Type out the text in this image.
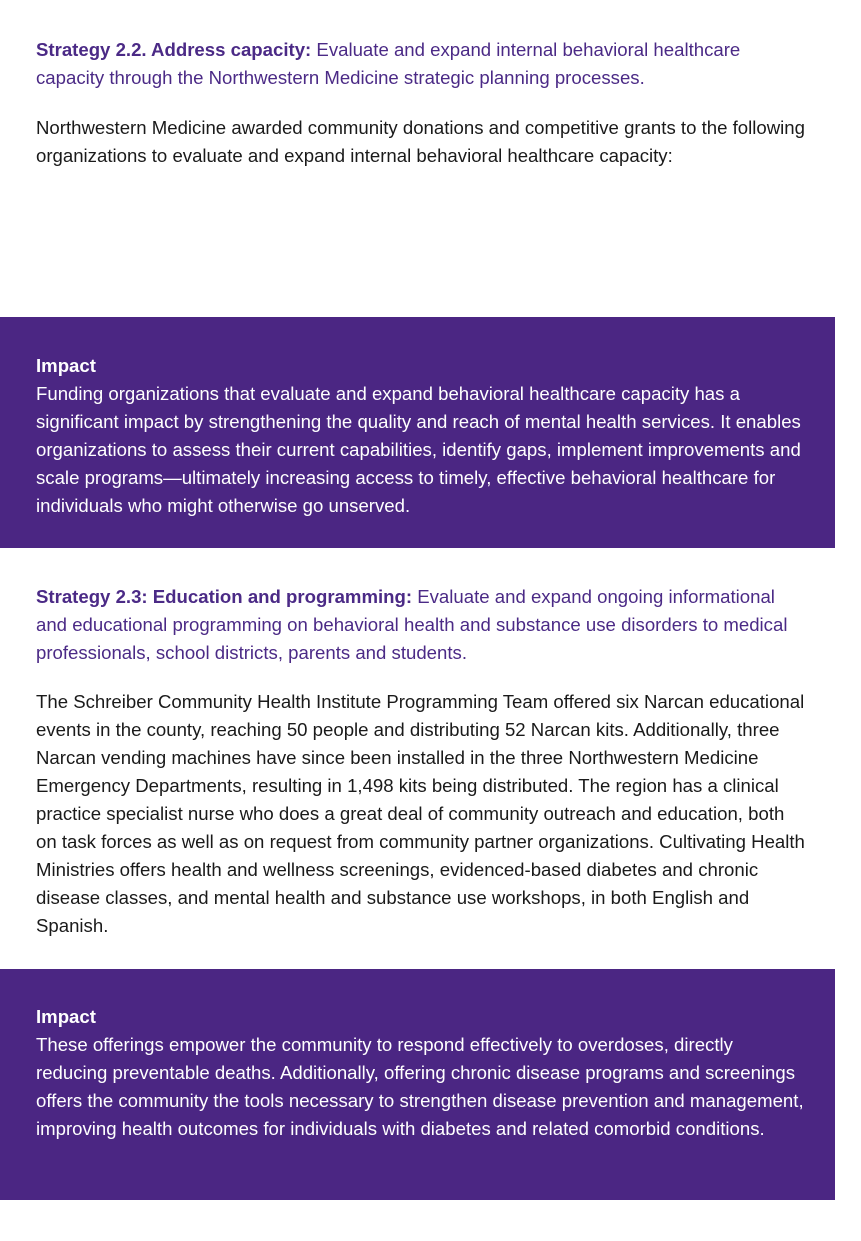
Strategy 2.2. Address capacity: Evaluate and expand internal behavioral healthcare capacity through the Northwestern Medicine strategic planning processes.

Northwestern Medicine awarded community donations and competitive grants to the following organizations to evaluate and expand internal behavioral healthcare capacity:

Impact

Funding organizations that evaluate and expand behavioral healthcare capacity has a significant impact by strengthening the quality and reach of mental health services. It enables organizations to assess their current capabilities, identify gaps, implement improvements and scale programs—ultimately increasing access to timely, effective behavioral healthcare for individuals who might otherwise go unserved.

Strategy 2.3: Education and programming: Evaluate and expand ongoing informational and educational programming on behavioral health and substance use disorders to medical professionals, school districts, parents and students.

The Schreiber Community Health Institute Programming Team offered six Narcan educational events in the county, reaching 50 people and distributing 52 Narcan kits. Additionally, three Narcan vending machines have since been installed in the three Northwestern Medicine Emergency Departments, resulting in 1,498 kits being distributed. The region has a clinical practice specialist nurse who does a great deal of community outreach and education, both on task forces as well as on request from community partner organizations. Cultivating Health Ministries offers health and wellness screenings, evidenced-based diabetes and chronic disease classes, and mental health and substance use workshops, in both English and Spanish.

Impact

These offerings empower the community to respond effectively to overdoses, directly reducing preventable deaths. Additionally, offering chronic disease programs and screenings offers the community the tools necessary to strengthen disease prevention and management, improving health outcomes for individuals with diabetes and related comorbid conditions.
